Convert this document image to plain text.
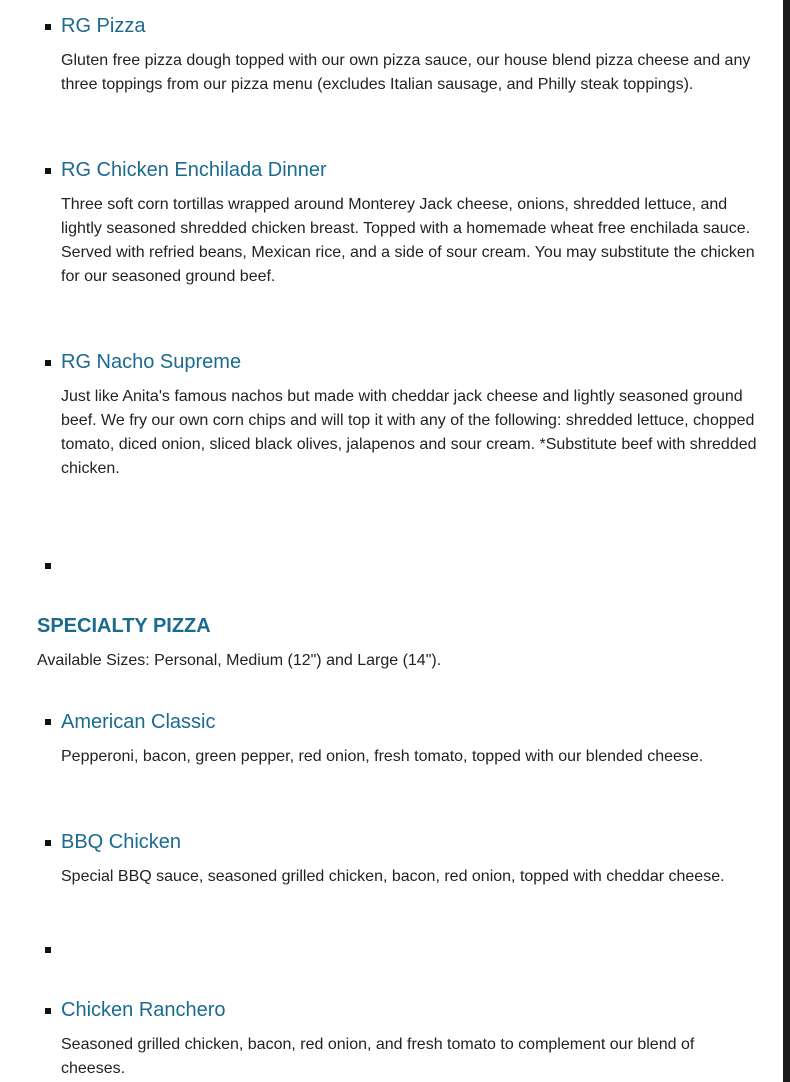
RG Pizza
Gluten free pizza dough topped with our own pizza sauce, our house blend pizza cheese and any three toppings from our pizza menu (excludes Italian sausage, and Philly steak toppings).
RG Chicken Enchilada Dinner
Three soft corn tortillas wrapped around Monterey Jack cheese, onions, shredded lettuce, and lightly seasoned shredded chicken breast. Topped with a homemade wheat free enchilada sauce. Served with refried beans, Mexican rice, and a side of sour cream. You may substitute the chicken for our seasoned ground beef.
RG Nacho Supreme
Just like Anita's famous nachos but made with cheddar jack cheese and lightly seasoned ground beef. We fry our own corn chips and will top it with any of the following: shredded lettuce, chopped tomato, diced onion, sliced black olives, jalapenos and sour cream. *Substitute beef with shredded chicken.
SPECIALTY PIZZA
Available Sizes: Personal, Medium (12") and Large (14").
American Classic
Pepperoni, bacon, green pepper, red onion, fresh tomato, topped with our blended cheese.
BBQ Chicken
Special BBQ sauce, seasoned grilled chicken, bacon, red onion, topped with cheddar cheese.
Chicken Ranchero
Seasoned grilled chicken, bacon, red onion, and fresh tomato to complement our blend of cheeses.
